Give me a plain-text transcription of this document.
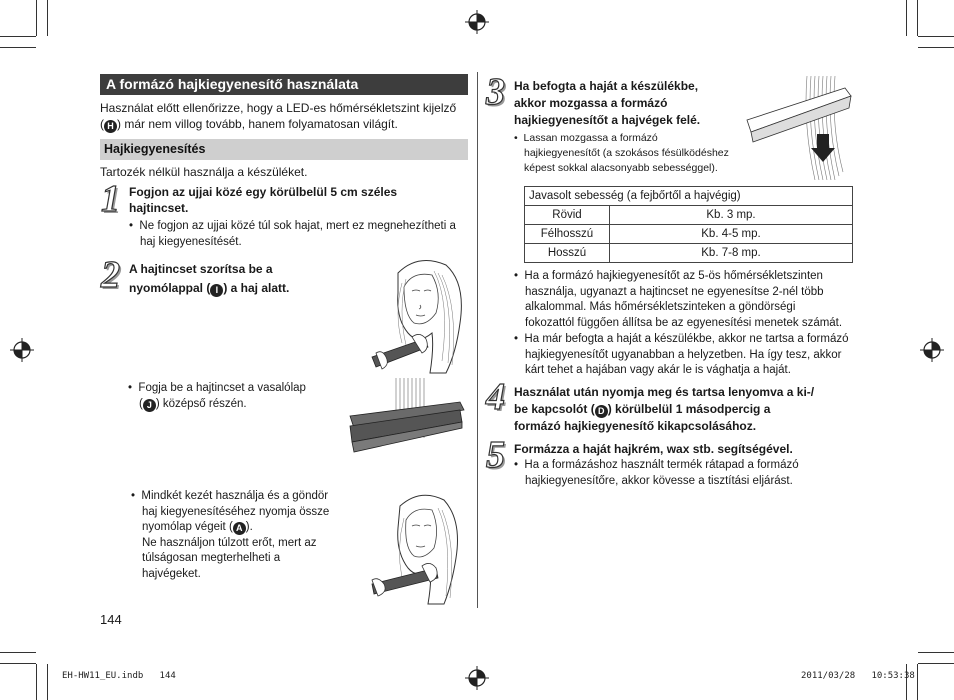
A formázó hajkiegyenesítő használata
Használat előtt ellenőrizze, hogy a LED-es hőmérsékletszint kijelző
( H ) már nem villog tovább, hanem folyamatosan világít.
Hajkiegyenesítés
Tartozék nélkül használja a készüléket.
1 Fogjon az ujjai közé egy körülbelül 5 cm széles
hajtincset.
• Ne fogjon az ujjai közé túl sok hajat, mert ez megnehezítheti a
haj kiegyenesítését.
2 A hajtincset szorítsa be a
nyomólappal ( I ) a haj alatt.
• Fogja be a hajtincset a vasalólap
( J ) középső részén.
• Mindkét kezét használja és a göndör
haj kiegyenesítéséhez nyomja össze
nyomólap végeit ( A ).
Ne használjon túlzott erőt, mert az
túlságosan megterhelheti a
hajvégeket.
144
3 Ha befogta a haját a készülékbe,
akkor mozgassa a formázó
hajkiegyenesítőt a hajvégek felé.
• Lassan mozgassa a formázó
hajkiegyenesítőt (a szokásos fésülködéshez
képest sokkal alacsonyabb sebességgel).
Javasolt sebesség (a fejbőrtől a hajvégig)	
Rövid	Kb. 3 mp.
Félhosszú	Kb. 4-5 mp.
Hosszú	Kb. 7-8 mp.
• Ha a formázó hajkiegyenesítőt az 5-ös hőmérsékletszinten
használja, ugyanazt a hajtincset ne egyenesítse 2-nél több
alkalommal. Más hőmérsékletszinteken a göndörségi
fokozattól függően állítsa be az egyenesítési menetek számát.
• Ha már befogta a haját a készülékbe, akkor ne tartsa a formázó
hajkiegyenesítőt ugyanabban a helyzetben. Ha így tesz, akkor
kárt tehet a hajában vagy akár le is vághatja a haját.
4 Használat után nyomja meg és tartsa lenyomva a ki-/
be kapcsolót ( D ) körülbelül 1 másodpercig a
formázó hajkiegyenesítő kikapcsolásához.
5 Formázza a haját hajkrém, wax stb. segítségével.
• Ha a formázáshoz használt termék rátapad a formázó
hajkiegyenesítőre, akkor kövesse a tisztítási eljárást.
EH-HW11_EU.indb 144	2011/03/28 10:53:38
